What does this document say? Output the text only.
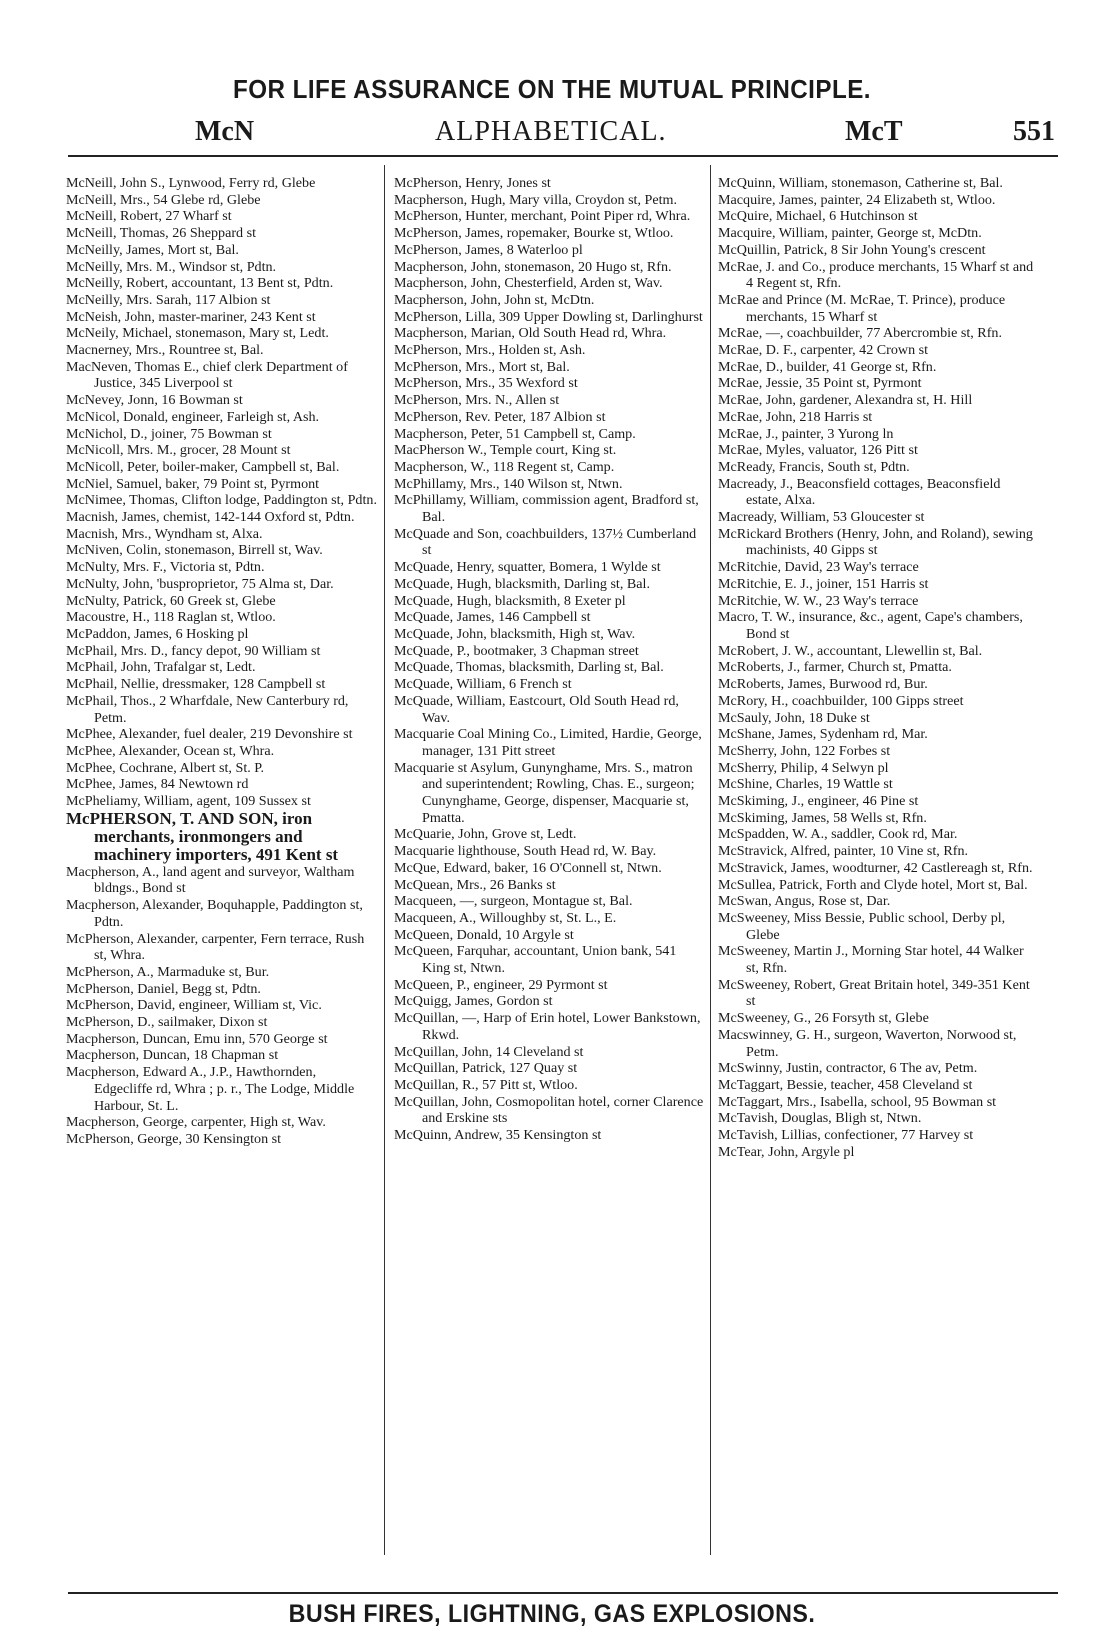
FOR LIFE ASSURANCE ON THE MUTUAL PRINCIPLE.
McN	ALPHABETICAL.	McT	551

McNeill, John S., Lynwood, Ferry rd, Glebe

McNeill, Mrs., 54 Glebe rd, Glebe

McNeill, Robert, 27 Wharf st

McNeill, Thomas, 26 Sheppard st

McNeilly, James, Mort st, Bal.

McNeilly, Mrs. M., Windsor st, Pdtn.

McNeilly, Robert, accountant, 13 Bent st, Pdtn.

McNeilly, Mrs. Sarah, 117 Albion st

McNeish, John, master-mariner, 243 Kent st

McNeily, Michael, stonemason, Mary st, Ledt.

Macnerney, Mrs., Rountree st, Bal.

MacNeven, Thomas E., chief clerk Department of Justice, 345 Liverpool st

McNevey, Jonn, 16 Bowman st

McNicol, Donald, engineer, Farleigh st, Ash.

McNichol, D., joiner, 75 Bowman st

McNicoll, Mrs. M., grocer, 28 Mount st

McNicoll, Peter, boiler-maker, Campbell st, Bal.

McNiel, Samuel, baker, 79 Point st, Pyrmont

McNimee, Thomas, Clifton lodge, Paddington st, Pdtn.

Macnish, James, chemist, 142-144 Oxford st, Pdtn.

Macnish, Mrs., Wyndham st, Alxa.

McNiven, Colin, stonemason, Birrell st, Wav.

McNulty, Mrs. F., Victoria st, Pdtn.

McNulty, John, 'busproprietor, 75 Alma st, Dar.

McNulty, Patrick, 60 Greek st, Glebe

Macoustre, H., 118 Raglan st, Wtloo.

McPaddon, James, 6 Hosking pl

McPhail, Mrs. D., fancy depot, 90 William st

McPhail, John, Trafalgar st, Ledt.

McPhail, Nellie, dressmaker, 128 Campbell st

McPhail, Thos., 2 Wharfdale, New Canterbury rd, Petm.

McPhee, Alexander, fuel dealer, 219 Devonshire st

McPhee, Alexander, Ocean st, Whra.

McPhee, Cochrane, Albert st, St. P.

McPhee, James, 84 Newtown rd

McPheliamy, William, agent, 109 Sussex st

McPHERSON, T. AND SON, iron merchants, ironmongers and machinery importers, 491 Kent st

Macpherson, A., land agent and surveyor, Waltham bldngs., Bond st

Macpherson, Alexander, Boquhapple, Paddington st, Pdtn.

McPherson, Alexander, carpenter, Fern terrace, Rush st, Whra.

McPherson, A., Marmaduke st, Bur.

McPherson, Daniel, Begg st, Pdtn.

McPherson, David, engineer, William st, Vic.

McPherson, D., sailmaker, Dixon st

Macpherson, Duncan, Emu inn, 570 George st

Macpherson, Duncan, 18 Chapman st

Macpherson, Edward A., J.P., Hawthornden, Edgecliffe rd, Whra ; p. r., The Lodge, Middle Harbour, St. L.

Macpherson, George, carpenter, High st, Wav.

McPherson, George, 30 Kensington st

McPherson, Henry, Jones st

Macpherson, Hugh, Mary villa, Croydon st, Petm.

McPherson, Hunter, merchant, Point Piper rd, Whra.

McPherson, James, ropemaker, Bourke st, Wtloo.

McPherson, James, 8 Waterloo pl

Macpherson, John, stonemason, 20 Hugo st, Rfn.

Macpherson, John, Chesterfield, Arden st, Wav.

Macpherson, John, John st, McDtn.

McPherson, Lilla, 309 Upper Dowling st, Darlinghurst

Macpherson, Marian, Old South Head rd, Whra.

McPherson, Mrs., Holden st, Ash.

McPherson, Mrs., Mort st, Bal.

McPherson, Mrs., 35 Wexford st

McPherson, Mrs. N., Allen st

McPherson, Rev. Peter, 187 Albion st

Macpherson, Peter, 51 Campbell st, Camp.

MacPherson W., Temple court, King st.

Macpherson, W., 118 Regent st, Camp.

McPhillamy, Mrs., 140 Wilson st, Ntwn.

McPhillamy, William, commission agent, Bradford st, Bal.

McQuade and Son, coachbuilders, 137½ Cumberland st

McQuade, Henry, squatter, Bomera, 1 Wylde st

McQuade, Hugh, blacksmith, Darling st, Bal.

McQuade, Hugh, blacksmith, 8 Exeter pl

McQuade, James, 146 Campbell st

McQuade, John, blacksmith, High st, Wav.

McQuade, P., bootmaker, 3 Chapman street

McQuade, Thomas, blacksmith, Darling st, Bal.

McQuade, William, 6 French st

McQuade, William, Eastcourt, Old South Head rd, Wav.

Macquarie Coal Mining Co., Limited, Hardie, George, manager, 131 Pitt street

Macquarie st Asylum, Gunynghame, Mrs. S., matron and superintendent; Rowling, Chas. E., surgeon; Cunynghame, George, dispenser, Macquarie st, Pmatta.

McQuarie, John, Grove st, Ledt.

Macquarie lighthouse, South Head rd, W. Bay.

McQue, Edward, baker, 16 O'Connell st, Ntwn.

McQuean, Mrs., 26 Banks st

Macqueen, —, surgeon, Montague st, Bal.

Macqueen, A., Willoughby st, St. L., E.

McQueen, Donald, 10 Argyle st

McQueen, Farquhar, accountant, Union bank, 541 King st, Ntwn.

McQueen, P., engineer, 29 Pyrmont st

McQuigg, James, Gordon st

McQuillan, —, Harp of Erin hotel, Lower Bankstown, Rkwd.

McQuillan, John, 14 Cleveland st

McQuillan, Patrick, 127 Quay st

McQuillan, R., 57 Pitt st, Wtloo.

McQuillan, John, Cosmopolitan hotel, corner Clarence and Erskine sts

McQuinn, Andrew, 35 Kensington st

McQuinn, William, stonemason, Catherine st, Bal.

Macquire, James, painter, 24 Elizabeth st, Wtloo.

McQuire, Michael, 6 Hutchinson st

Macquire, William, painter, George st, McDtn.

McQuillin, Patrick, 8 Sir John Young's crescent

McRae, J. and Co., produce merchants, 15 Wharf st and 4 Regent st, Rfn.

McRae and Prince (M. McRae, T. Prince), produce merchants, 15 Wharf st

McRae, —, coachbuilder, 77 Abercrombie st, Rfn.

McRae, D. F., carpenter, 42 Crown st

McRae, D., builder, 41 George st, Rfn.

McRae, Jessie, 35 Point st, Pyrmont

McRae, John, gardener, Alexandra st, H. Hill

McRae, John, 218 Harris st

McRae, J., painter, 3 Yurong ln

McRae, Myles, valuator, 126 Pitt st

McReady, Francis, South st, Pdtn.

Macready, J., Beaconsfield cottages, Beaconsfield estate, Alxa.

Macready, William, 53 Gloucester st

McRickard Brothers (Henry, John, and Roland), sewing machinists, 40 Gipps st

McRitchie, David, 23 Way's terrace

McRitchie, E. J., joiner, 151 Harris st

McRitchie, W. W., 23 Way's terrace

Macro, T. W., insurance, &c., agent, Cape's chambers, Bond st

McRobert, J. W., accountant, Llewellin st, Bal.

McRoberts, J., farmer, Church st, Pmatta.

McRoberts, James, Burwood rd, Bur.

McRory, H., coachbuilder, 100 Gipps street

McSauly, John, 18 Duke st

McShane, James, Sydenham rd, Mar.

McSherry, John, 122 Forbes st

McSherry, Philip, 4 Selwyn pl

McShine, Charles, 19 Wattle st

McSkiming, J., engineer, 46 Pine st

McSkiming, James, 58 Wells st, Rfn.

McSpadden, W. A., saddler, Cook rd, Mar.

McStravick, Alfred, painter, 10 Vine st, Rfn.

McStravick, James, woodturner, 42 Castlereagh st, Rfn.

McSullea, Patrick, Forth and Clyde hotel, Mort st, Bal.

McSwan, Angus, Rose st, Dar.

McSweeney, Miss Bessie, Public school, Derby pl, Glebe

McSweeney, Martin J., Morning Star hotel, 44 Walker st, Rfn.

McSweeney, Robert, Great Britain hotel, 349-351 Kent st

McSweeney, G., 26 Forsyth st, Glebe

Macswinney, G. H., surgeon, Waverton, Norwood st, Petm.

McSwinny, Justin, contractor, 6 The av, Petm.

McTaggart, Bessie, teacher, 458 Cleveland st

McTaggart, Mrs., Isabella, school, 95 Bowman st

McTavish, Douglas, Bligh st, Ntwn.

McTavish, Lillias, confectioner, 77 Harvey st

McTear, John, Argyle pl

BUSH FIRES, LIGHTNING, GAS EXPLOSIONS.
